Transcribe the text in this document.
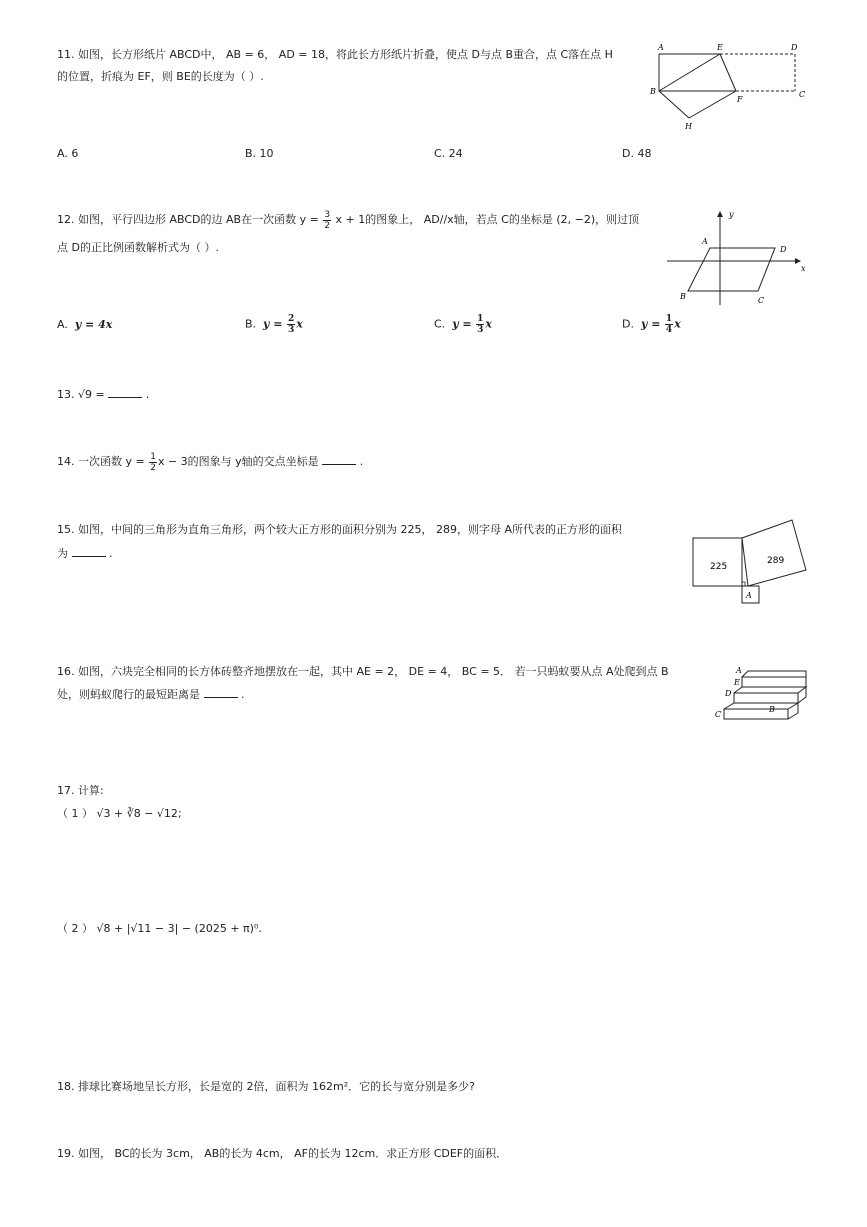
11. 如图，长方形纸片 ABCD中， AB = 6， AD = 18，将此长方形纸片折叠，使点 D与点 B重合，点 C落在点 H
的位置，折痕为 EF，则 BE的长度为（ ）.
A	E	D
B
F
C
H
A. 6	B. 10	C. 24	D. 48
12. 如图，平行四边形 ABCD的边 AB在一次函数 $y = \frac{3}{2}$ x + 1的图象上， AD//x轴，若点 C的坐标是 (2, −2)，则过顶
点 D的正比例函数解析式为（ ）.
y
A
D
x
B	C
A. y = 4x	B. $y = \frac{2}{3}$ x	C. $y = \frac{1}{3}$ x	D. $y = \frac{1}{4}$ x
13. √9 =	.
14. 一次函数 $y = \frac{1}{2}$ x − 3的图象与 y轴的交点坐标是	.
15. 如图，中间的三角形为直角三角形，两个较大正方形的面积分别为 225， 289，则字母 A所代表的正方形的面积
为	.
225
289
A
16. 如图，六块完全相同的长方体砖整齐地摆放在一起，其中 AE = 2， DE = 4， BC = 5． 若一只蚂蚁要从点 A处爬到点 B
处，则蚂蚁爬行的最短距离是	.
A
E
D
C
B
17. 计算:
（ 1 ） √3 + ∛8 − √12;
（ 2 ） √8 + |√11 − 3| − (2025 + π)⁰.
18. 排球比赛场地呈长方形，长是宽的 2倍，面积为 162m²．它的长与宽分别是多少?
19. 如图， BC的长为 3cm， AB的长为 4cm， AF的长为 12cm．求正方形 CDEF的面积．
